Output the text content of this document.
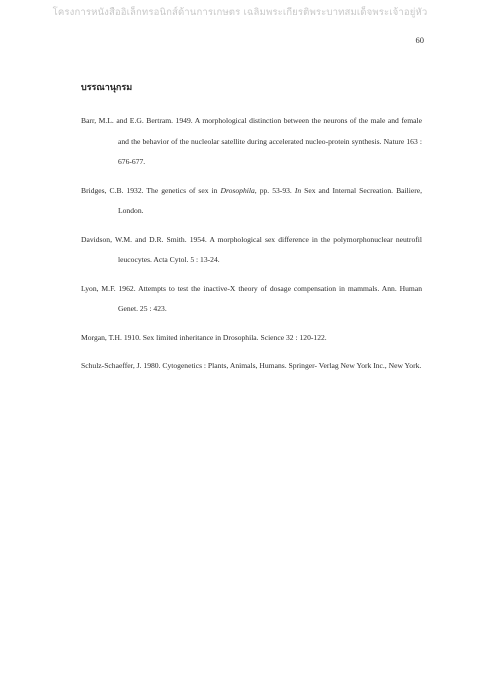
โครงการหนังสืออิเล็กทรอนิกส์ด้านการเกษตร เฉลิมพระเกียรติพระบาทสมเด็จพระเจ้าอยู่หัว
60
บรรณานุกรม
Barr, M.L. and E.G. Bertram. 1949. A morphological distinction between the neurons of the male and female and the behavior of the nucleolar satellite during accelerated nucleo-protein synthesis. Nature 163 : 676-677.
Bridges, C.B. 1932. The genetics of sex in Drosophila, pp. 53-93. In Sex and Internal Secreation. Bailiere, London.
Davidson, W.M. and D.R. Smith. 1954. A morphological sex difference in the polymorphonuclear neutrofil leucocytes. Acta Cytol. 5 : 13-24.
Lyon, M.F. 1962. Attempts to test the inactive-X theory of dosage compensation in mammals. Ann. Human Genet. 25 : 423.
Morgan, T.H. 1910. Sex limited inheritance in Drosophila. Science 32 : 120-122.
Schulz-Schaeffer, J. 1980. Cytogenetics : Plants, Animals, Humans. Springer- Verlag New York Inc., New York.
